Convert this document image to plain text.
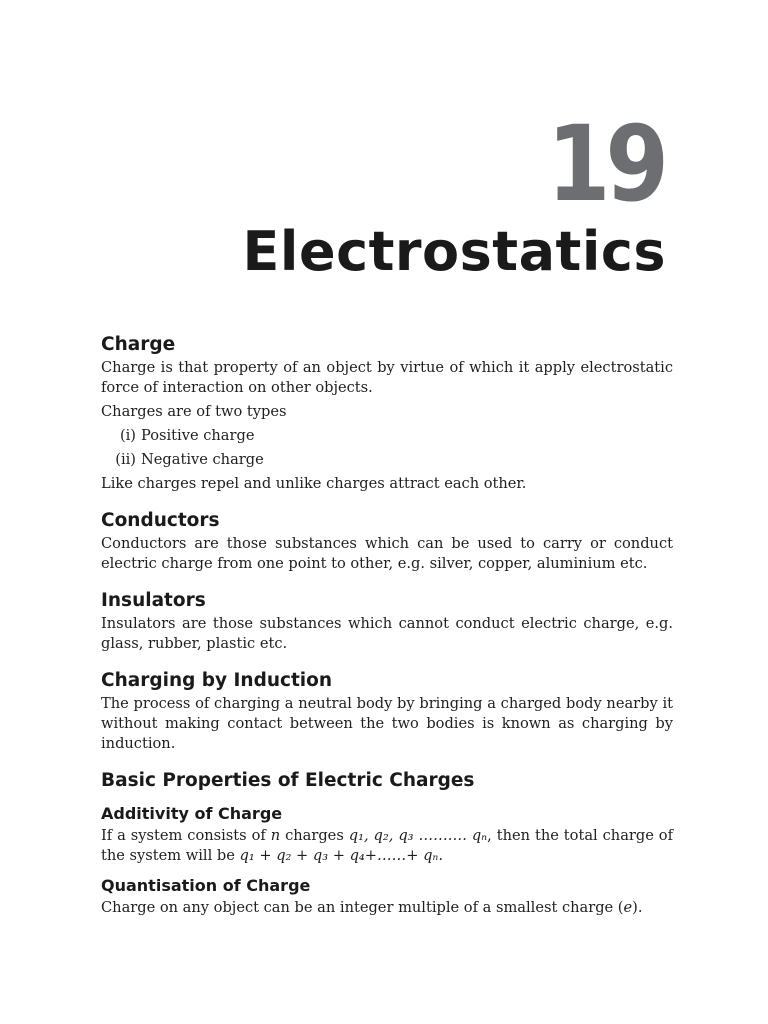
19
Electrostatics
Charge

Charge is that property of an object by virtue of which it apply electrostatic force of interaction on other objects.

Charges are of two types

(i) Positive charge
(ii) Negative charge

Like charges repel and unlike charges attract each other.

Conductors

Conductors are those substances which can be used to carry or conduct electric charge from one point to other, e.g. silver, copper, aluminium etc.

Insulators

Insulators are those substances which cannot conduct electric charge, e.g. glass, rubber, plastic etc.

Charging by Induction

The process of charging a neutral body by bringing a charged body nearby it without making contact between the two bodies is known as charging by induction.

Basic Properties of Electric Charges
Additivity of Charge

If a system consists of n charges q₁, q₂, q₃ ………. qₙ, then the total charge of the system will be q₁ + q₂ + q₃ + q₄+……+ qₙ.

Quantisation of Charge

Charge on any object can be an integer multiple of a smallest charge (e).
